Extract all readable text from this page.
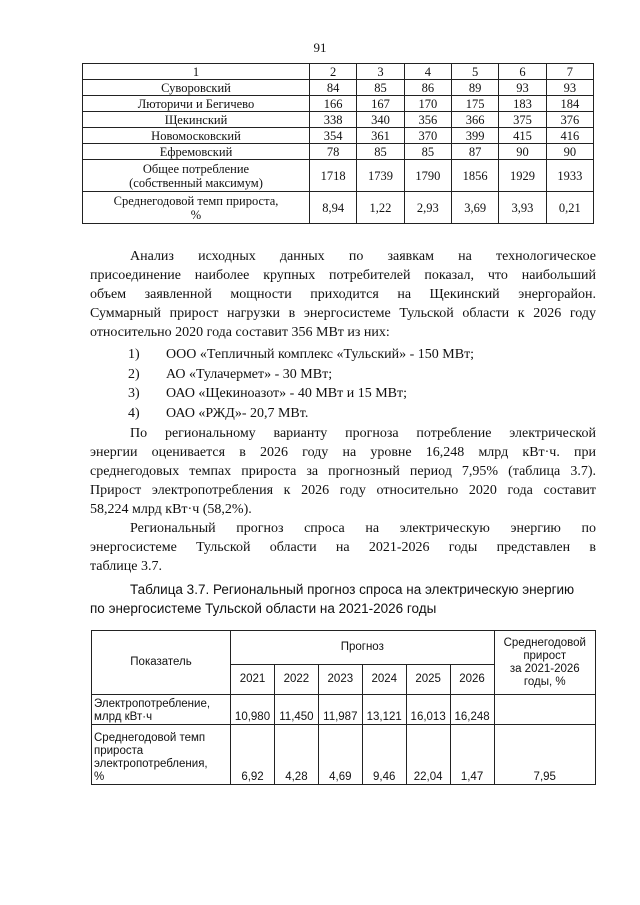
91
1	2	3	4	5	6	7
Суворовский	84	85	86	89	93	93
Люторичи и Бегичево	166	167	170	175	183	184
Щекинский	338	340	356	366	375	376
Новомосковский	354	361	370	399	415	416
Ефремовский	78	85	85	87	90	90
Общее потребление
(собственный максимум)	1718	1739	1790	1856	1929	1933
Среднегодовой темп прироста,
%	8,94	1,22	2,93	3,69	3,93	0,21

Анализ исходных данных по заявкам на технологическое
присоединение наиболее крупных потребителей показал, что наибольший
объем заявленной мощности приходится на Щекинский энергорайон.
Суммарный прирост нагрузки в энергосистеме Тульской области к 2026 году
относительно 2020 года составит 356 МВт из них:

1) ООО «Тепличный комплекс «Тульский» - 150 МВт;
2) АО «Тулачермет» - 30 МВт;
3) ОАО «Щекиноазот» - 40 МВт и 15 МВт;
4) ОАО «РЖД»- 20,7 МВт.

По региональному варианту прогноза потребление электрической
энергии оценивается в 2026 году на уровне 16,248 млрд кВт·ч. при
среднегодовых темпах прироста за прогнозный период 7,95% (таблица 3.7).
Прирост электропотребления к 2026 году относительно 2020 года составит
58,224 млрд кВт·ч (58,2%).

Региональный прогноз спроса на электрическую энергию по
энергосистеме Тульской области на 2021-2026 годы представлен в
таблице 3.7.

Таблица 3.7. Региональный прогноз спроса на электрическую энергию
по энергосистеме Тульской области на 2021-2026 годы

Показатель	Прогноз						Среднегодовой
прирост
за 2021-2026
годы, %
	2021	2022	2023	2024	2025	2026	
Электропотребление,
млрд кВт·ч	10,980	11,450	11,987	13,121	16,013	16,248	
Среднегодовой темп
прироста
электропотребления,
%	6,92	4,28	4,69	9,46	22,04	1,47	7,95
